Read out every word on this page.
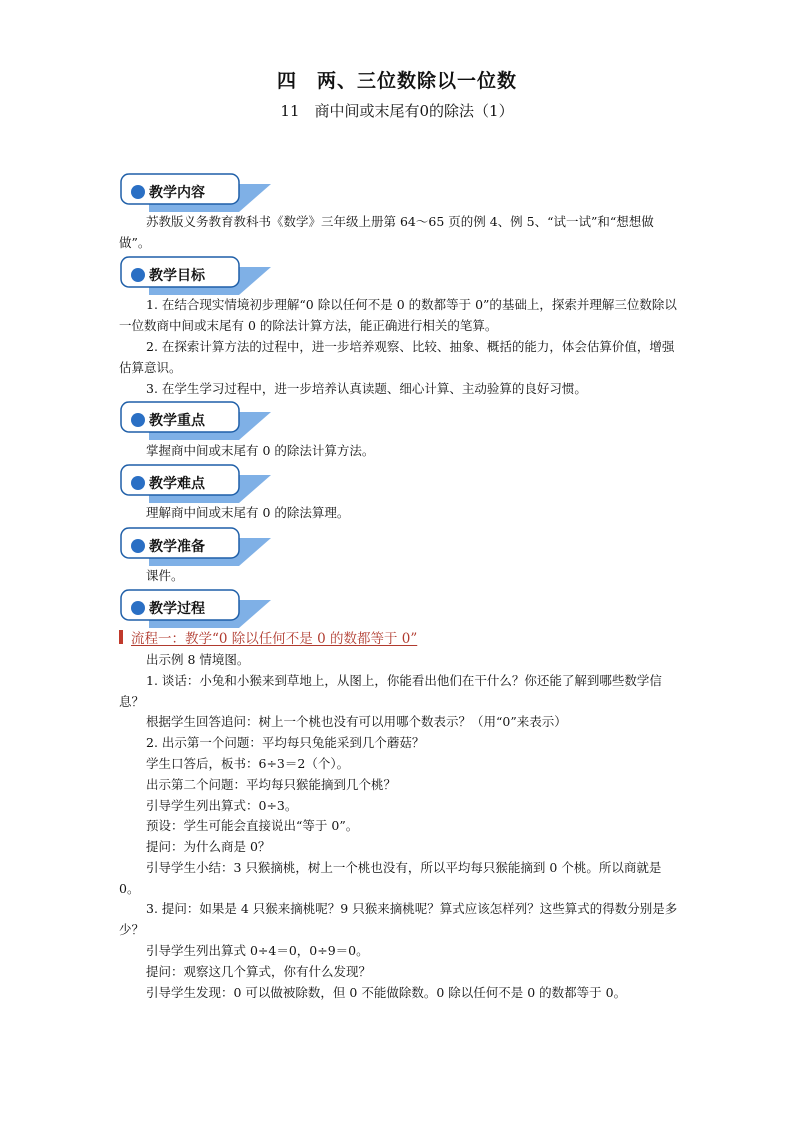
四　两、三位数除以一位数
11　商中间或末尾有0的除法（1）
教学内容
苏教版义务教育教科书《数学》三年级上册第 64～65 页的例 4、例 5、“试一试”和“想想做做”。
教学目标
1. 在结合现实情境初步理解“0 除以任何不是 0 的数都等于 0”的基础上，探索并理解三位数除以一位数商中间或末尾有 0 的除法计算方法，能正确进行相关的笔算。
2. 在探索计算方法的过程中，进一步培养观察、比较、抽象、概括的能力，体会估算价值，增强估算意识。
3. 在学生学习过程中，进一步培养认真读题、细心计算、主动验算的良好习惯。
教学重点
掌握商中间或末尾有 0 的除法计算方法。
教学难点
理解商中间或末尾有 0 的除法算理。
教学准备
课件。
教学过程
流程一：教学“0 除以任何不是 0 的数都等于 0”
出示例 8 情境图。
1. 谈话：小兔和小猴来到草地上，从图上，你能看出他们在干什么？你还能了解到哪些数学信息？
根据学生回答追问：树上一个桃也没有可以用哪个数表示？（用“0”来表示）
2. 出示第一个问题：平均每只兔能采到几个蘑菇？
学生口答后，板书：6÷3＝2（个）。
出示第二个问题：平均每只猴能摘到几个桃？
引导学生列出算式：0÷3。
预设：学生可能会直接说出“等于 0”。
提问：为什么商是 0？
引导学生小结：3 只猴摘桃，树上一个桃也没有，所以平均每只猴能摘到 0 个桃。所以商就是 0。
3. 提问：如果是 4 只猴来摘桃呢？9 只猴来摘桃呢？算式应该怎样列？这些算式的得数分别是多少？
引导学生列出算式 0÷4＝0，0÷9＝0。
提问：观察这几个算式，你有什么发现？
引导学生发现：0 可以做被除数，但 0 不能做除数。0 除以任何不是 0 的数都等于 0。
